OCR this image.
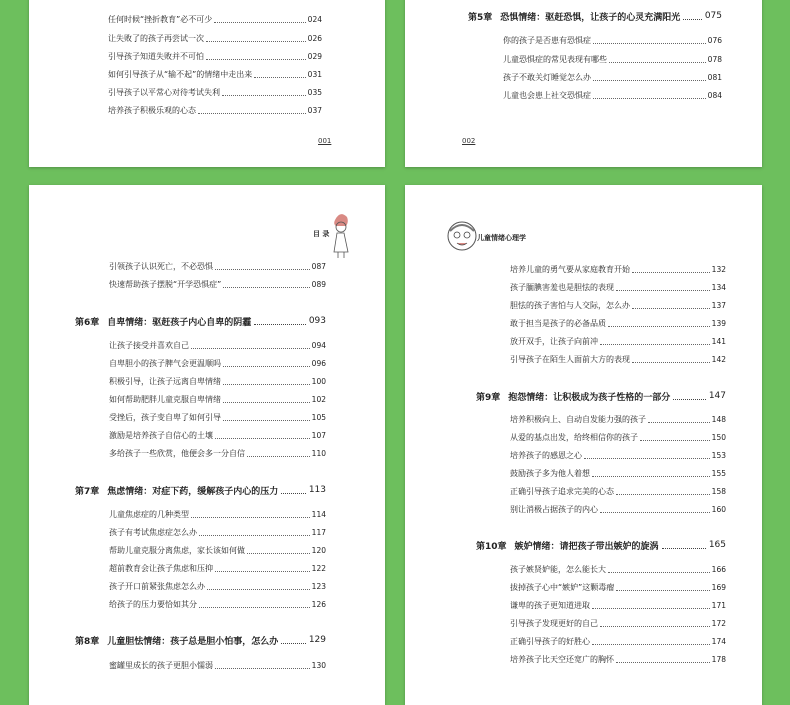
任何时候“挫折教育”必不可少	024
让失败了的孩子再尝试一次	026
引导孩子知道失败并不可怕	029
如何引导孩子从“输不起”的情绪中走出来	031
引导孩子以平常心对待考试失利	035
培养孩子积极乐观的心态	037
001
第5章 恐惧情绪：驱赶恐惧，让孩子的心灵充满阳光	075
你的孩子是否患有恐惧症	076
儿童恐惧症的常见表现有哪些	078
孩子不敢关灯睡觉怎么办	081
儿童也会患上社交恐惧症	084
002
目 录
引领孩子认识死亡，不必恐惧	087
快速帮助孩子摆脱“开学恐惧症”	089
第6章 自卑情绪：驱赶孩子内心自卑的阴霾	093
让孩子接受并喜欢自己	094
自卑胆小的孩子脾气会更温顺吗	096
积极引导，让孩子远离自卑情绪	100
如何帮助肥胖儿童克服自卑情绪	102
受挫后，孩子变自卑了如何引导	105
激励是培养孩子自信心的土壤	107
多给孩子一些欣赏，他便会多一分自信	110
第7章 焦虑情绪：对症下药，缓解孩子内心的压力	113
儿童焦虑症的几种类型	114
孩子有考试焦虑症怎么办	117
帮助儿童克服分离焦虑，家长该如何做	120
超前教育会让孩子焦虑和压抑	122
孩子开口前紧张焦虑怎么办	123
给孩子的压力要恰如其分	126
第8章 儿童胆怯情绪：孩子总是胆小怕事，怎么办	129
蜜罐里成长的孩子更胆小懦弱	130
儿童情绪心理学
培养儿童的勇气要从家庭教育开始	132
孩子腼腆害羞也是胆怯的表现	134
胆怯的孩子害怕与人交际，怎么办	137
敢于担当是孩子的必备品质	139
放开双手，让孩子向前冲	141
引导孩子在陌生人面前大方的表现	142
第9章 抱怨情绪：让积极成为孩子性格的一部分	147
培养积极向上、自动自发能力强的孩子	148
从爱的基点出发，给终相信你的孩子	150
培养孩子的感恩之心	153
鼓励孩子多为他人着想	155
正确引导孩子追求完美的心态	158
别让消极占据孩子的内心	160
第10章 嫉妒情绪：请把孩子带出嫉妒的旋涡	165
孩子嫉贤妒能，怎么能长大	166
拔掉孩子心中“嫉妒”这颗毒瘤	169
谦卑的孩子更知道进取	171
引导孩子发现更好的自己	172
正确引导孩子的好胜心	174
培养孩子比天空还宽广的胸怀	178
